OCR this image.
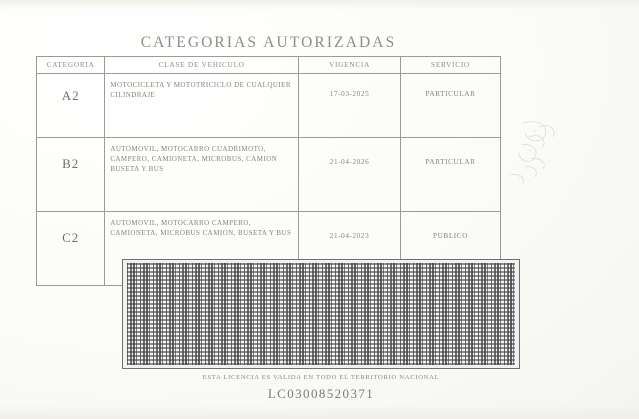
CATEGORIAS AUTORIZADAS
CATEGORIA	CLASE DE VEHICULO	VIGENCIA	SERVICIO
A2	MOTOCICLETA Y MOTOTRICICLO DE CUALQUIER CILINDRAJE	17-03-2025	PARTICULAR
B2	AUTOMOVIL, MOTOCARRO CUADRIMOTO, CAMPERO, CAMIONETA, MICROBUS, CAMION BUSETA Y BUS	21-04-2026	PARTICULAR
C2	AUTOMOVIL, MOTOCARRO CAMPERO, CAMIONETA, MICROBUS CAMION, BUSETA Y BUS	21-04-2023	PUBLICO
ESTA LICENCIA ES VALIDA EN TODO EL TERRITORIO NACIONAL
LC03008520371
